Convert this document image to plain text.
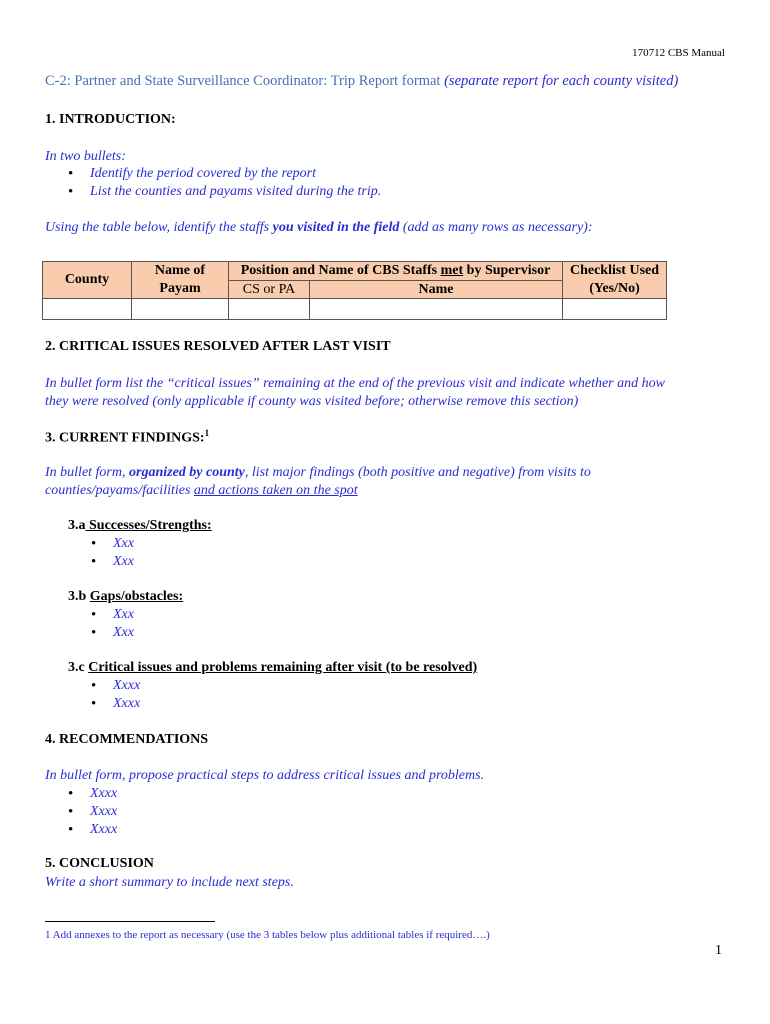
170712 CBS Manual
C-2: Partner and State Surveillance Coordinator: Trip Report format (separate report for each county visited)
1. INTRODUCTION:
In two bullets:
• Identify the period covered by the report
• List the counties and payams visited during the trip.
Using the table below, identify the staffs you visited in the field (add as many rows as necessary):
County	Name of Payam	Position and Name of CBS Staffs met by Supervisor		Checklist Used (Yes/No)
		CS or PA	Name	

2. CRITICAL ISSUES RESOLVED AFTER LAST VISIT
In bullet form list the “critical issues” remaining at the end of the previous visit and indicate whether and how
they were resolved (only applicable if county was visited before; otherwise remove this section)
3. CURRENT FINDINGS:$^1$
In bullet form, organized by county, list major findings (both positive and negative) from visits to
counties/payams/facilities and actions taken on the spot
3.a Successes/Strengths:
• Xxx
• Xxx
3.b Gaps/obstacles:
• Xxx
• Xxx
3.c Critical issues and problems remaining after visit (to be resolved)
• Xxxx
• Xxxx
4. RECOMMENDATIONS
In bullet form, propose practical steps to address critical issues and problems.
• Xxxx
• Xxxx
• Xxxx
5. CONCLUSION
Write a short summary to include next steps.
1 Add annexes to the report as necessary (use the 3 tables below plus additional tables if required….)
1
